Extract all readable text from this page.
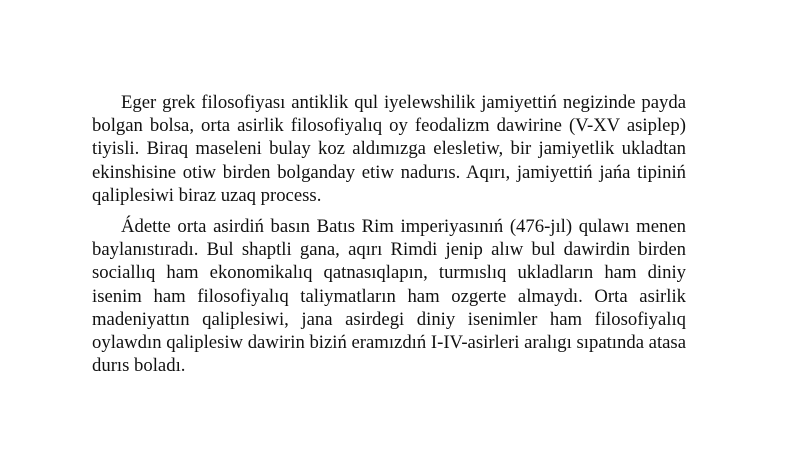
Eger grek filosofiyası antiklik qul iyelewshilik jamiyettiń negizinde payda bolgan bolsa, orta asirlik filosofiyalıq oy feodalizm dawirine (V-XV asiplep) tiyisli. Biraq maseleni bulay koz aldımızga elesletiw, bir jamiyetlik ukladtan ekinshisine otiw birden bolganday etiw nadurıs. Aqırı, jamiyettiń jańa tipiniń qaliplesiwi biraz uzaq process.

Ádette orta asirdiń basın Batıs Rim imperiyasınıń (476-jıl) qulawı menen baylanıstıradı. Bul shaptli gana, aqırı Rimdi jenip alıw bul dawirdin birden sociallıq ham ekonomikalıq qatnasıqlapın, turmıslıq ukladların ham diniy isenim ham filosofiyalıq taliymatların ham ozgerte almaydı. Orta asirlik madeniyattın qaliplesiwi, jana asirdegi diniy isenimler ham filosofiyalıq oylawdın qaliplesiw dawirin biziń eramızdıń I-IV-asirleri aralıgı sıpatında atasa durıs boladı.
